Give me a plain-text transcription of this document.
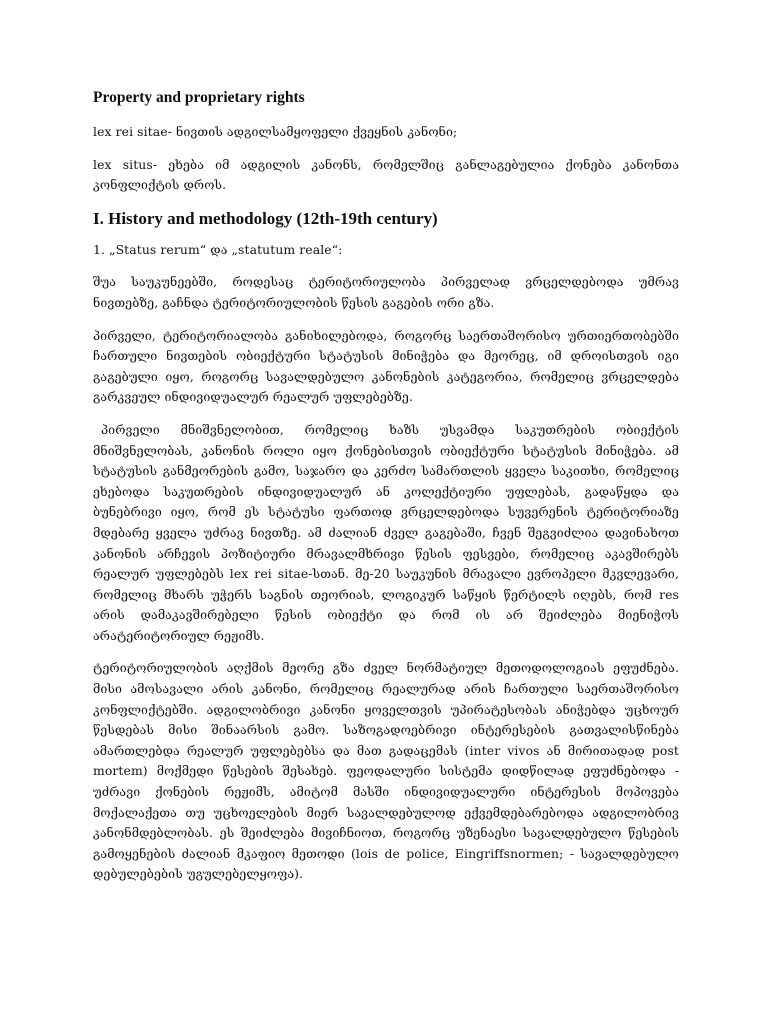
Property and proprietary rights

lex rei sitae- ნივთის ადგილსამყოფელი ქვეყნის კანონი;

lex situs- ეხება იმ ადგილის კანონს, რომელშიც განლაგებულია ქონება კანონთა კონფლიქტის დროს.

I. History and methodology (12th-19th century)

1. „Status rerum“ და „statutum reale“:

შუა საუკუნეებში, როდესაც ტერიტორიულობა პირველად ვრცელდებოდა უმრავ ნივთებზე, გაჩნდა ტერიტორიულობის წესის გაგების ორი გზა.

პირველი, ტერიტორიალობა განიხილებოდა, როგორც საერთაშორისო ურთიერთობებში ჩართული ნივთების ობიექტური სტატუსის მინიჭება და მეორეც, იმ დროისთვის იგი გაგებული იყო, როგორც სავალდებულო კანონების კატეგორია, რომელიც ვრცელდება გარკვეულ ინდივიდუალურ რეალურ უფლებებზე.

პირველი მნიშვნელობით, რომელიც ხაზს უსვამდა საკუთრების ობიექტის მნიშვნელობას, კანონის როლი იყო ქონებისთვის ობიექტური სტატუსის მინიჭება. ამ სტატუსის განმეორების გამო, საჯარო და კერძო სამართლის ყველა საკითხი, რომელიც ეხებოდა საკუთრების ინდივიდუალურ ან კოლექტიური უფლებას, გადაწყდა და ბუნებრივი იყო, რომ ეს სტატუსი ფართოდ ვრცელდებოდა სუვერენის ტერიტორიაზე მდებარე ყველა უძრავ ნივთზე. ამ ძალიან ძველ გაგებაში, ჩვენ შეგვიძლია დავინახოთ კანონის არჩევის პოზიტიური მრავალმხრივი წესის ფესვები, რომელიც აკავშირებს რეალურ უფლებებს lex rei sitae-სთან. მე-20 საუკუნის მრავალი ევროპელი მკვლევარი, რომელიც მხარს უჭერს საგნის თეორიას, ლოგიკურ საწყის წერტილს იღებს, რომ res არის დამაკავშირებელი წესის ობიექტი და რომ ის არ შეიძლება მიენიჭოს არატერიტორიულ რეჟიმს.

ტერიტორიულობის აღქმის მეორე გზა ძველ ნორმატიულ მეთოდოლოგიას ეფუძნება. მისი ამოსავალი არის კანონი, რომელიც რეალურად არის ჩართული საერთაშორისო კონფლიქტებში. ადგილობრივი კანონი ყოველთვის უპირატესობას ანიჭებდა უცხოურ წესდებას მისი შინაარსის გამო. საზოგადოებრივი ინტერესების გათვალისწინება ამართლებდა რეალურ უფლებებსა და მათ გადაცემას (inter vivos ან მირითადად post mortem) მოქმედი წესების შესახებ. ფეოდალური სისტემა დიდწილად ეფუძნებოდა - უძრავი ქონების რეჟიმს, ამიტომ მასში ინდივიდუალური ინტერესის მოპოვება მოქალაქეთა თუ უცხოელების მიერ სავალდებულოდ ექვემდებარებოდა ადგილობრივ კანონმდებლობას. ეს შეიძლება მივიჩნიოთ, როგორც უზენაესი სავალდებულო წესების გამოყენების ძალიან მკაფიო მეთოდი (lois de police, Eingriffsnormen; - სავალდებულო დებულებების უგულებელყოფა).
